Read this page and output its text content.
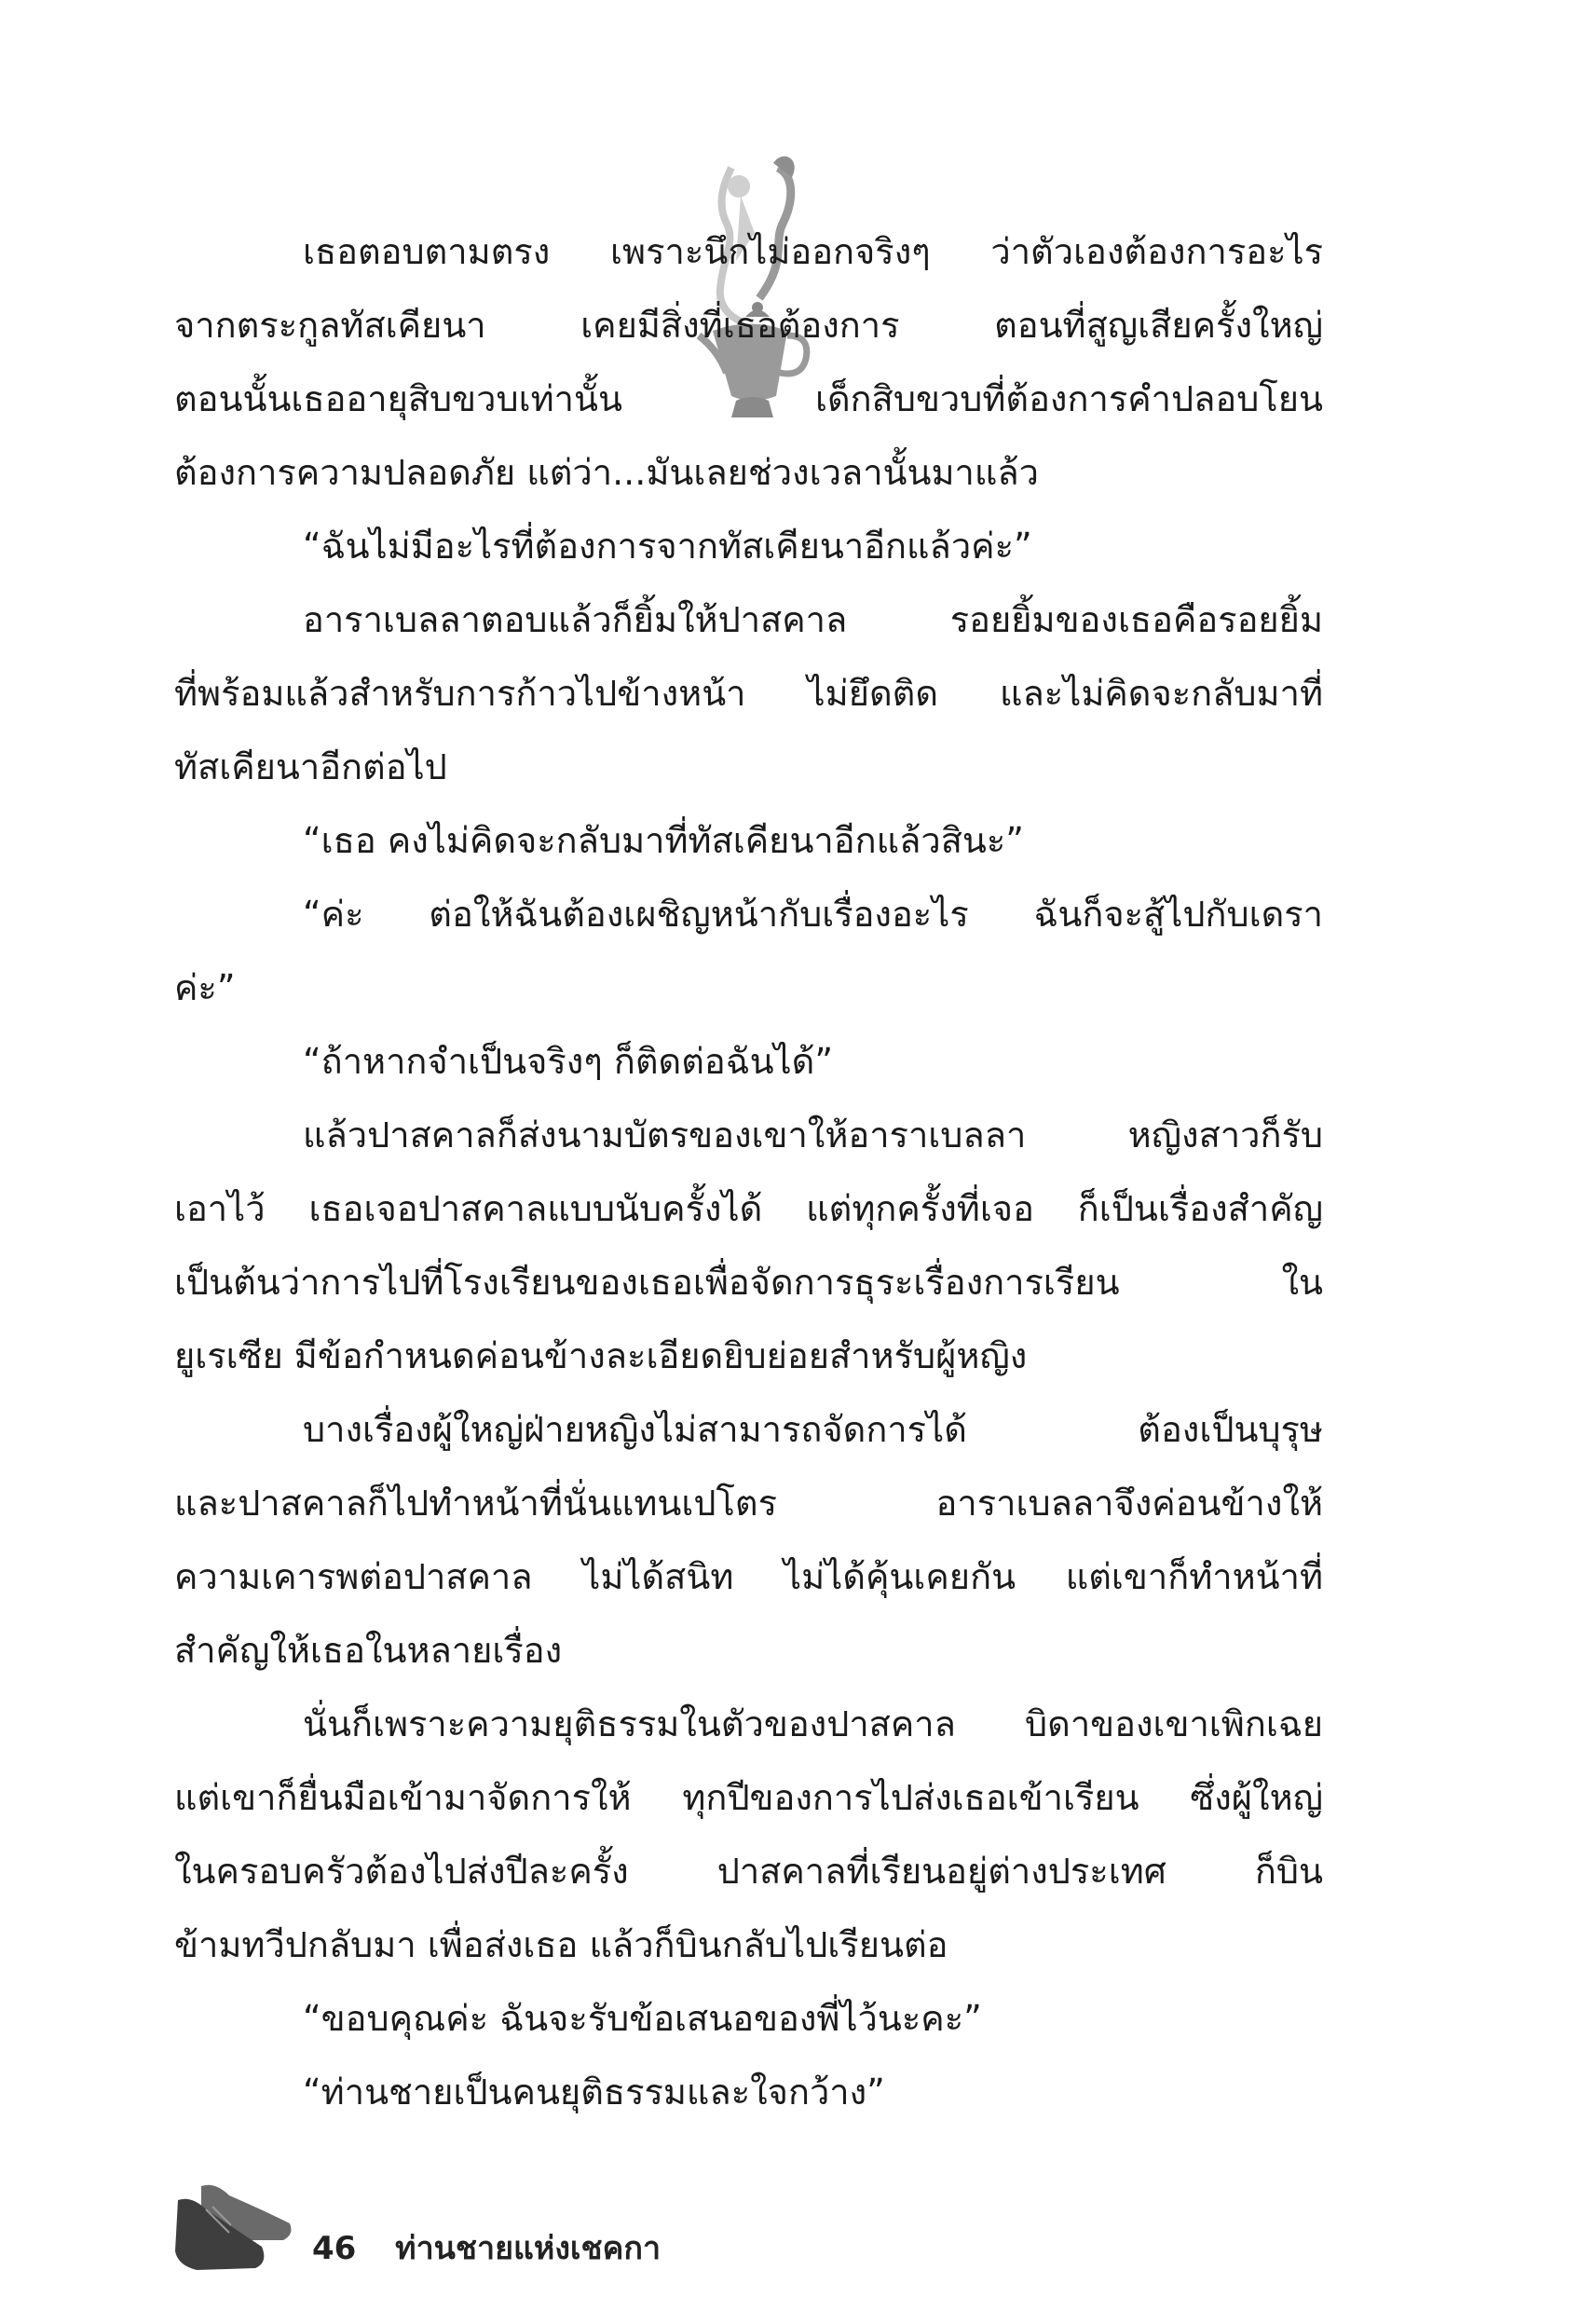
เธอตอบตามตรง เพราะนึกไม่ออกจริงๆ ว่าตัวเองต้องการอะไร
จากตระกูลทัสเคียนา เคยมีสิ่งที่เธอต้องการ ตอนที่สูญเสียครั้งใหญ่
ตอนนั้นเธออายุสิบขวบเท่านั้น เด็กสิบขวบที่ต้องการคำปลอบโยน
ต้องการความปลอดภัย แต่ว่า...มันเลยช่วงเวลานั้นมาแล้ว
“ฉันไม่มีอะไรที่ต้องการจากทัสเคียนาอีกแล้วค่ะ”
อาราเบลลาตอบแล้วก็ยิ้มให้ปาสคาล รอยยิ้มของเธอคือรอยยิ้ม
ที่พร้อมแล้วสำหรับการก้าวไปข้างหน้า ไม่ยึดติด และไม่คิดจะกลับมาที่
ทัสเคียนาอีกต่อไป
“เธอ คงไม่คิดจะกลับมาที่ทัสเคียนาอีกแล้วสินะ”
“ค่ะ ต่อให้ฉันต้องเผชิญหน้ากับเรื่องอะไร ฉันก็จะสู้ไปกับเดรา
ค่ะ”
“ถ้าหากจำเป็นจริงๆ ก็ติดต่อฉันได้”
แล้วปาสคาลก็ส่งนามบัตรของเขาให้อาราเบลลา หญิงสาวก็รับ
เอาไว้ เธอเจอปาสคาลแบบนับครั้งได้ แต่ทุกครั้งที่เจอ ก็เป็นเรื่องสำคัญ
เป็นต้นว่าการไปที่โรงเรียนของเธอเพื่อจัดการธุระเรื่องการเรียน ใน
ยูเรเซีย มีข้อกำหนดค่อนข้างละเอียดยิบย่อยสำหรับผู้หญิง
บางเรื่องผู้ใหญ่ฝ่ายหญิงไม่สามารถจัดการได้ ต้องเป็นบุรุษ
และปาสคาลก็ไปทำหน้าที่นั่นแทนเปโตร อาราเบลลาจึงค่อนข้างให้
ความเคารพต่อปาสคาล ไม่ได้สนิท ไม่ได้คุ้นเคยกัน แต่เขาก็ทำหน้าที่
สำคัญให้เธอในหลายเรื่อง
นั่นก็เพราะความยุติธรรมในตัวของปาสคาล บิดาของเขาเพิกเฉย
แต่เขาก็ยื่นมือเข้ามาจัดการให้ ทุกปีของการไปส่งเธอเข้าเรียน ซึ่งผู้ใหญ่
ในครอบครัวต้องไปส่งปีละครั้ง ปาสคาลที่เรียนอยู่ต่างประเทศ ก็บิน
ข้ามทวีปกลับมา เพื่อส่งเธอ แล้วก็บินกลับไปเรียนต่อ
“ขอบคุณค่ะ ฉันจะรับข้อเสนอของพี่ไว้นะคะ”
“ท่านชายเป็นคนยุติธรรมและใจกว้าง”
46 ท่านชายแห่งเชคกา
